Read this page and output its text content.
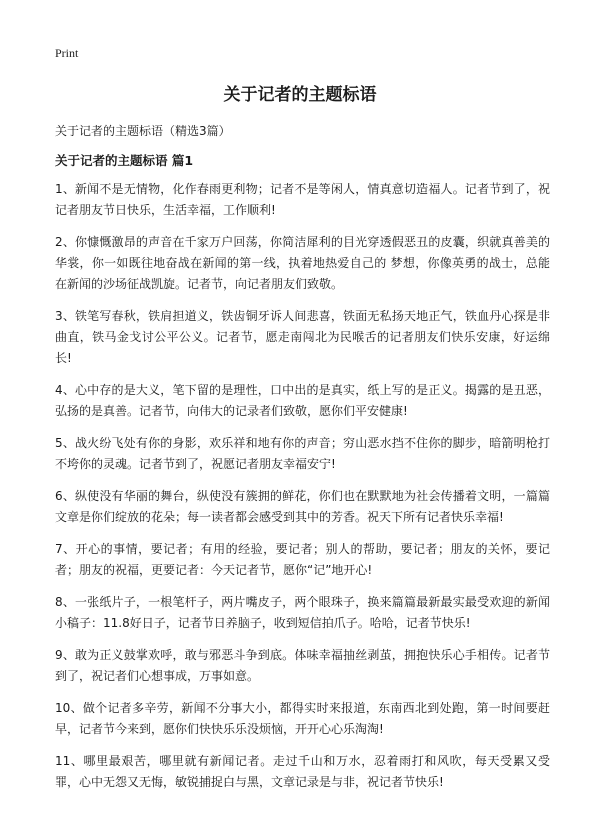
Print
关于记者的主题标语

关于记者的主题标语（精选3篇）

关于记者的主题标语 篇1

1、新闻不是无情物，化作春雨更利物；记者不是等闲人，情真意切造福人。记者节到了，祝记者朋友节日快乐，生活幸福，工作顺利!

2、你慷慨激昂的声音在千家万户回荡，你简洁犀利的目光穿透假恶丑的皮囊，织就真善美的华裳，你一如既往地奋战在新闻的第一线，执着地热爱自己的 梦想，你像英勇的战士，总能在新闻的沙场征战凯旋。记者节，向记者朋友们致敬。

3、铁笔写春秋，铁肩担道义，铁齿铜牙诉人间悲喜，铁面无私扬天地正气，铁血丹心探是非曲直，铁马金戈讨公平公义。记者节，愿走南闯北为民喉舌的记者朋友们快乐安康，好运绵长!

4、心中存的是大义，笔下留的是理性，口中出的是真实，纸上写的是正义。揭露的是丑恶，弘扬的是真善。记者节，向伟大的记录者们致敬，愿你们平安健康!

5、战火纷飞处有你的身影，欢乐祥和地有你的声音；穷山恶水挡不住你的脚步，暗箭明枪打不垮你的灵魂。记者节到了，祝愿记者朋友幸福安宁!

6、纵使没有华丽的舞台，纵使没有簇拥的鲜花，你们也在默默地为社会传播着文明，一篇篇文章是你们绽放的花朵；每一读者都会感受到其中的芳香。祝天下所有记者快乐幸福!

7、开心的事情，要记者；有用的经验，要记者；别人的帮助，要记者；朋友的关怀，要记者；朋友的祝福，更要记者：今天记者节，愿你“记”地开心!

8、一张纸片子，一根笔杆子，两片嘴皮子，两个眼珠子，换来篇篇最新最实最受欢迎的新闻小稿子：11.8好日子，记者节日养脑子，收到短信拍爪子。哈哈，记者节快乐!

9、敢为正义鼓掌欢呼，敢与邪恶斗争到底。体味幸福抽丝剥茧，拥抱快乐心手相传。记者节到了，祝记者们心想事成，万事如意。

10、做个记者多辛劳，新闻不分事大小，都得实时来报道，东南西北到处跑，第一时间要赶早，记者节今来到，愿你们快快乐乐没烦恼，开开心心乐淘淘!

11、哪里最艰苦，哪里就有新闻记者。走过千山和万水，忍着雨打和风吹，每天受累又受罪，心中无怨又无悔，敏锐捕捉白与黑，文章记录是与非，祝记者节快乐!
